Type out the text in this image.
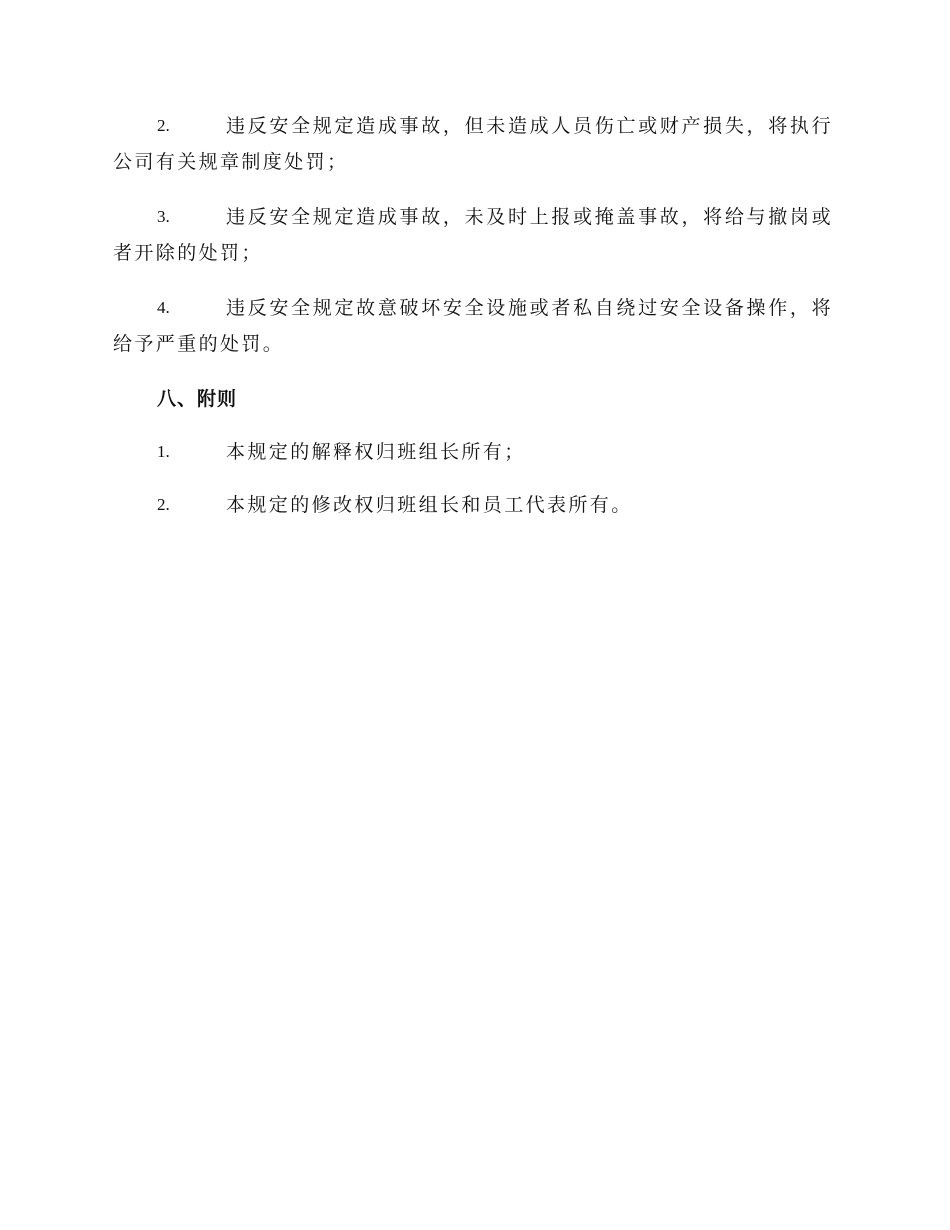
2.	违反安全规定造成事故，但未造成人员伤亡或财产损失，将执行公司有关规章制度处罚；

3.	违反安全规定造成事故，未及时上报或掩盖事故，将给与撤岗或者开除的处罚；

4.	违反安全规定故意破坏安全设施或者私自绕过安全设备操作，将给予严重的处罚。

八、附则

1.	本规定的解释权归班组长所有；

2.	本规定的修改权归班组长和员工代表所有。
